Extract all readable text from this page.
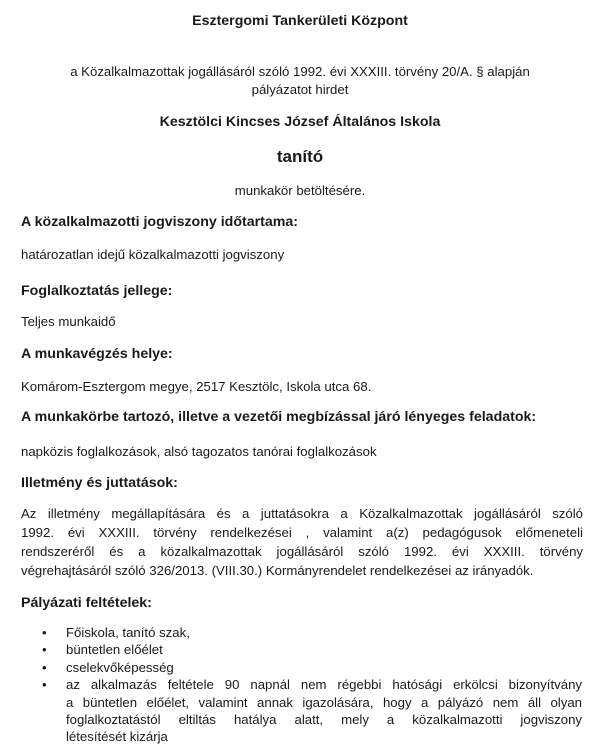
Esztergomi Tankerületi Központ
a Közalkalmazottak jogállásáról szóló 1992. évi XXXIII. törvény 20/A. § alapján
pályázatot hirdet
Kesztölci Kincses József Általános Iskola
tanító
munkakör betöltésére.
A közalkalmazotti jogviszony időtartama:
határozatlan idejű közalkalmazotti jogviszony
Foglalkoztatás jellege:
Teljes munkaidő
A munkavégzés helye:
Komárom-Esztergom megye, 2517 Kesztölc, Iskola utca 68.
A munkakörbe tartozó, illetve a vezetői megbízással járó lényeges feladatok:
napközis foglalkozások, alsó tagozatos tanórai foglalkozások
Illetmény és juttatások:
Az illetmény megállapítására és a juttatásokra a Közalkalmazottak jogállásáról szóló
1992. évi XXXIII. törvény rendelkezései , valamint a(z) pedagógusok előmeneteli
rendszeréről és a közalkalmazottak jogállásáról szóló 1992. évi XXXIII. törvény
végrehajtásáról szóló 326/2013. (VIII.30.) Kormányrendelet rendelkezései az irányadók.
Pályázati feltételek:
• Főiskola, tanító szak,
• büntetlen előélet
• cselekvőképesség
• az alkalmazás feltétele 90 napnál nem régebbi hatósági erkölcsi bizonyítvány
a büntetlen előélet, valamint annak igazolására, hogy a pályázó nem áll olyan
foglalkoztatástól eltiltás hatálya alatt, mely a közalkalmazotti jogviszony
létesítését kizárja
